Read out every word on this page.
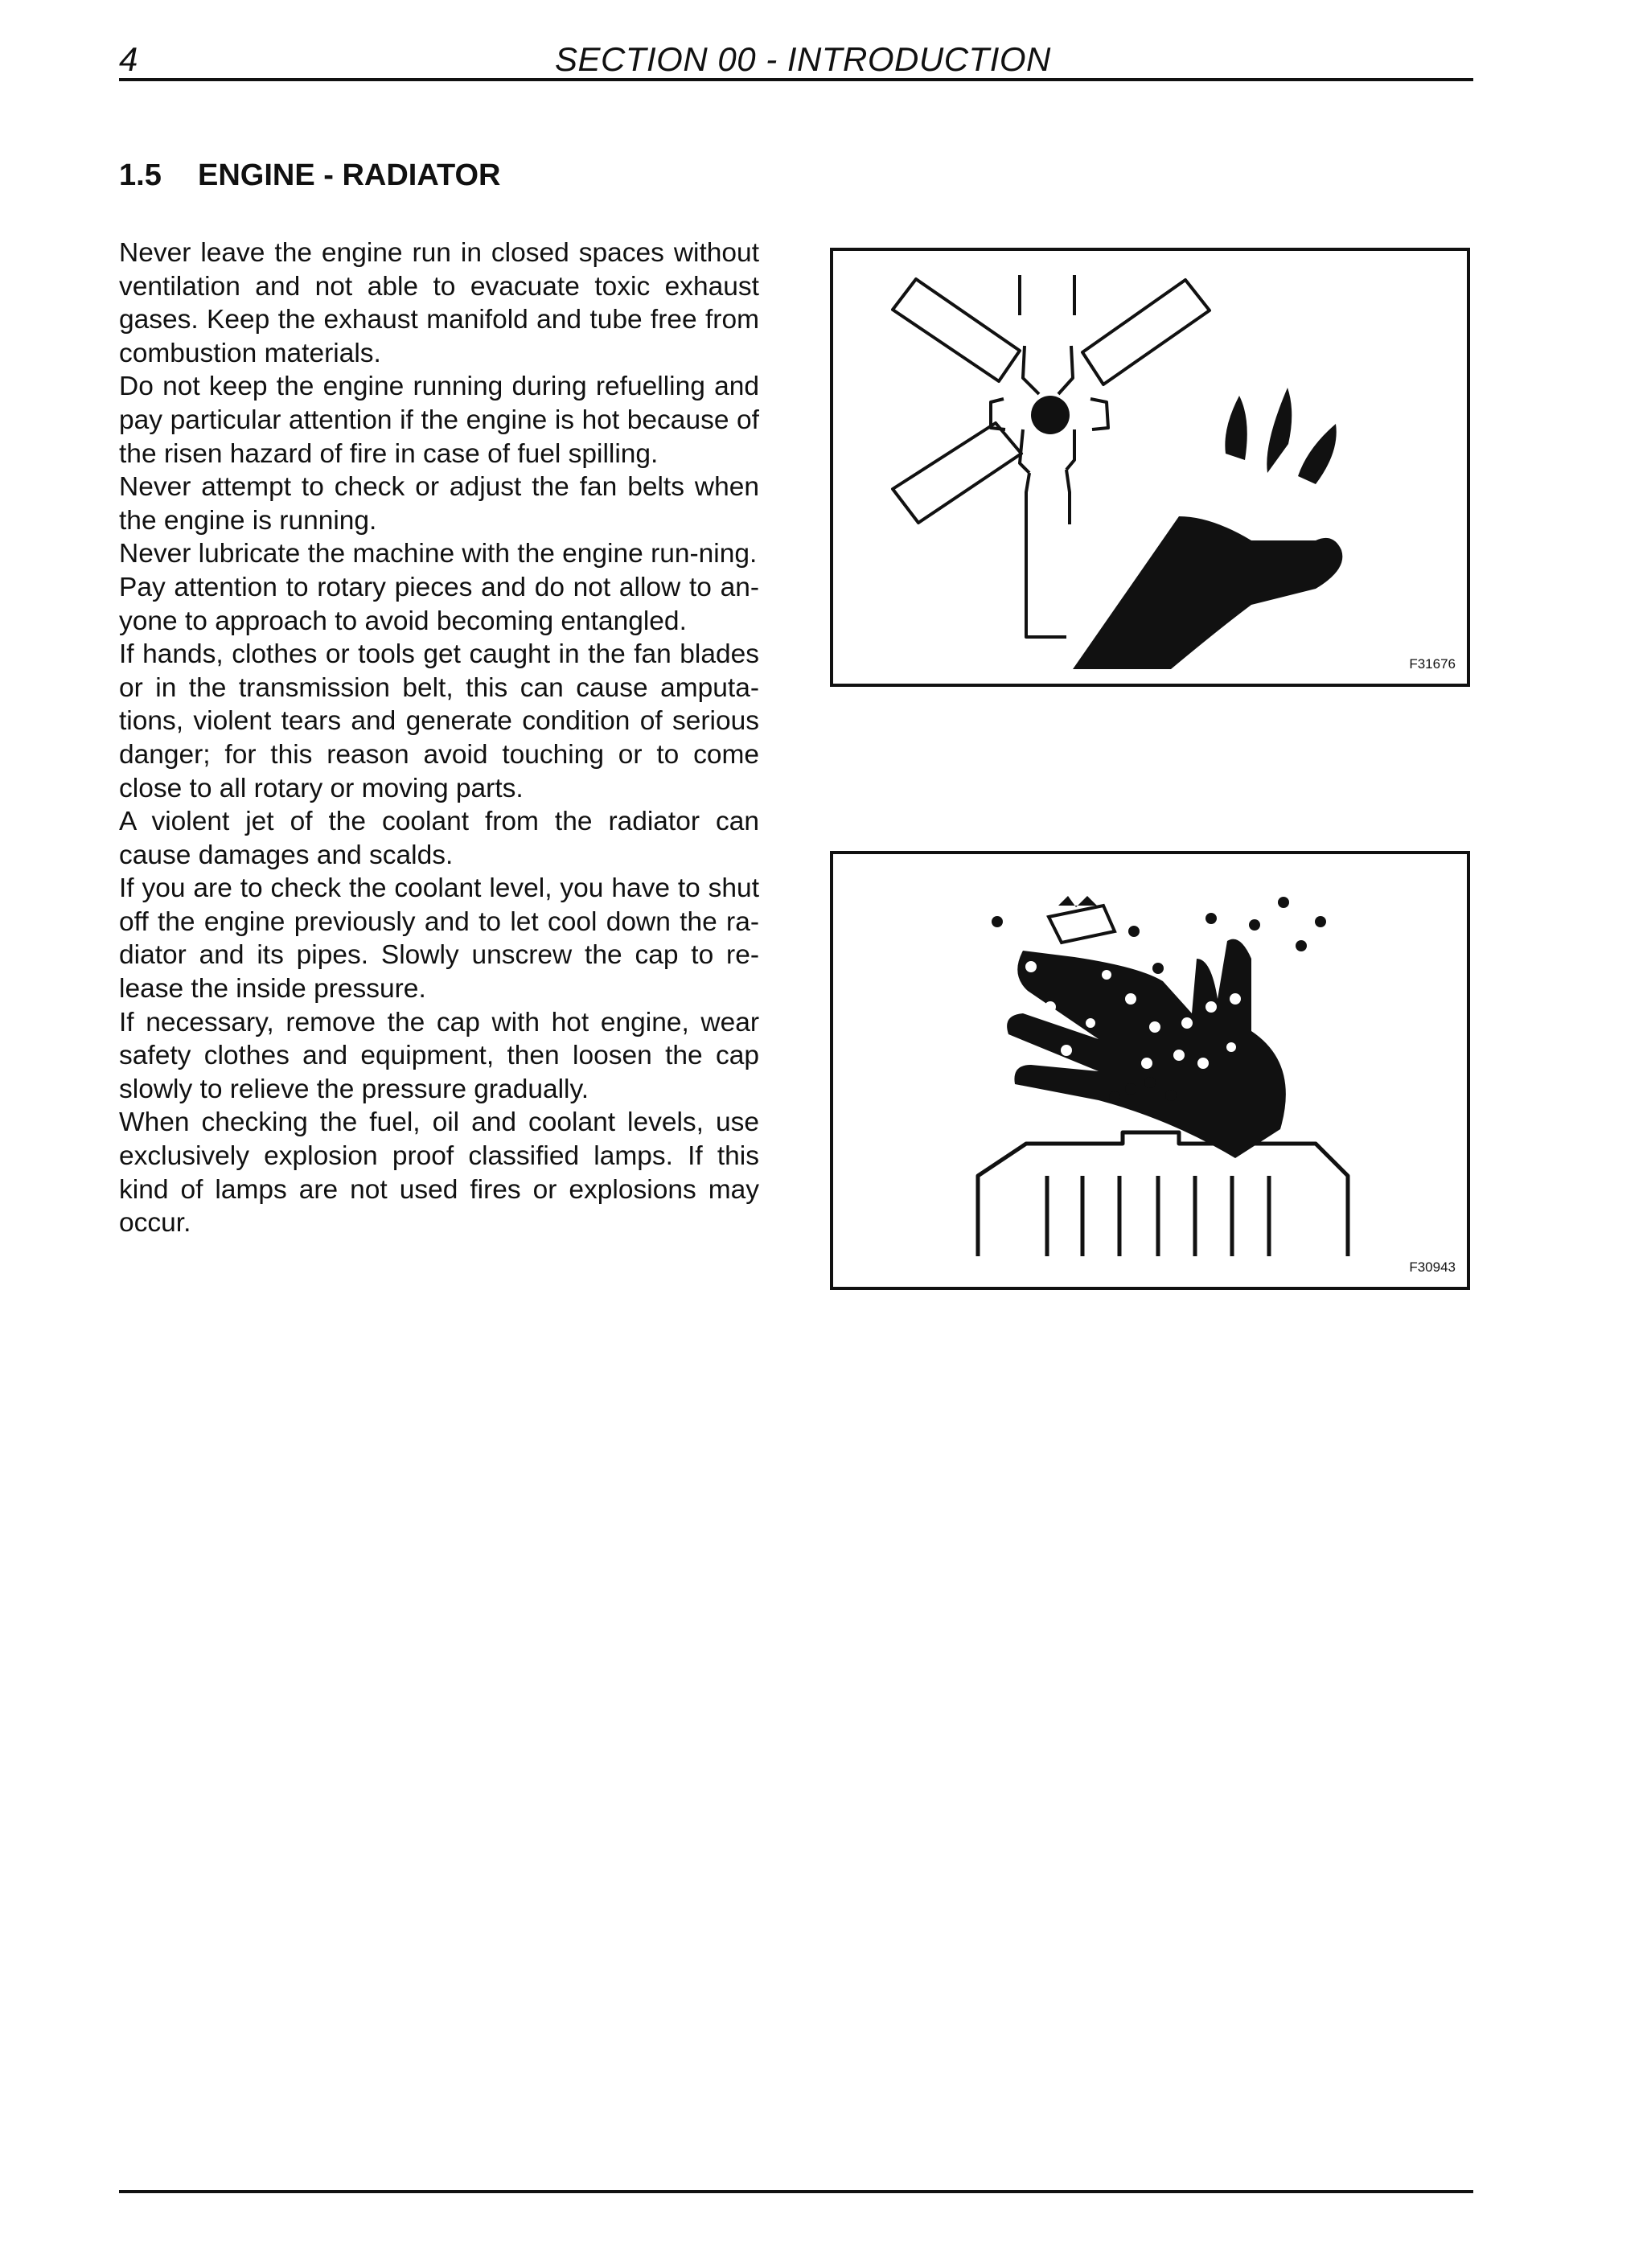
4	SECTION 00 - INTRODUCTION
1.5 ENGINE - RADIATOR

Never leave the engine run in closed spaces without ventilation and not able to evacuate toxic exhaust gases. Keep the exhaust manifold and tube free from combustion materials.

Do not keep the engine running during refuelling and pay particular attention if the engine is hot because of the risen hazard of fire in case of fuel spilling.

Never attempt to check or adjust the fan belts when the engine is running.

Never lubricate the machine with the engine run-ning.

Pay attention to rotary pieces and do not allow to an-yone to approach to avoid becoming entangled.

If hands, clothes or tools get caught in the fan blades or in the transmission belt, this can cause amputa-tions, violent tears and generate condition of serious danger; for this reason avoid touching or to come close to all rotary or moving parts.

A violent jet of the coolant from the radiator can cause damages and scalds.

If you are to check the coolant level, you have to shut off the engine previously and to let cool down the ra-diator and its pipes. Slowly unscrew the cap to re-lease the inside pressure.

If necessary, remove the cap with hot engine, wear safety clothes and equipment, then loosen the cap slowly to relieve the pressure gradually.

When checking the fuel, oil and coolant levels, use exclusively explosion proof classified lamps. If this kind of lamps are not used fires or explosions may occur.

F31676
F30943
